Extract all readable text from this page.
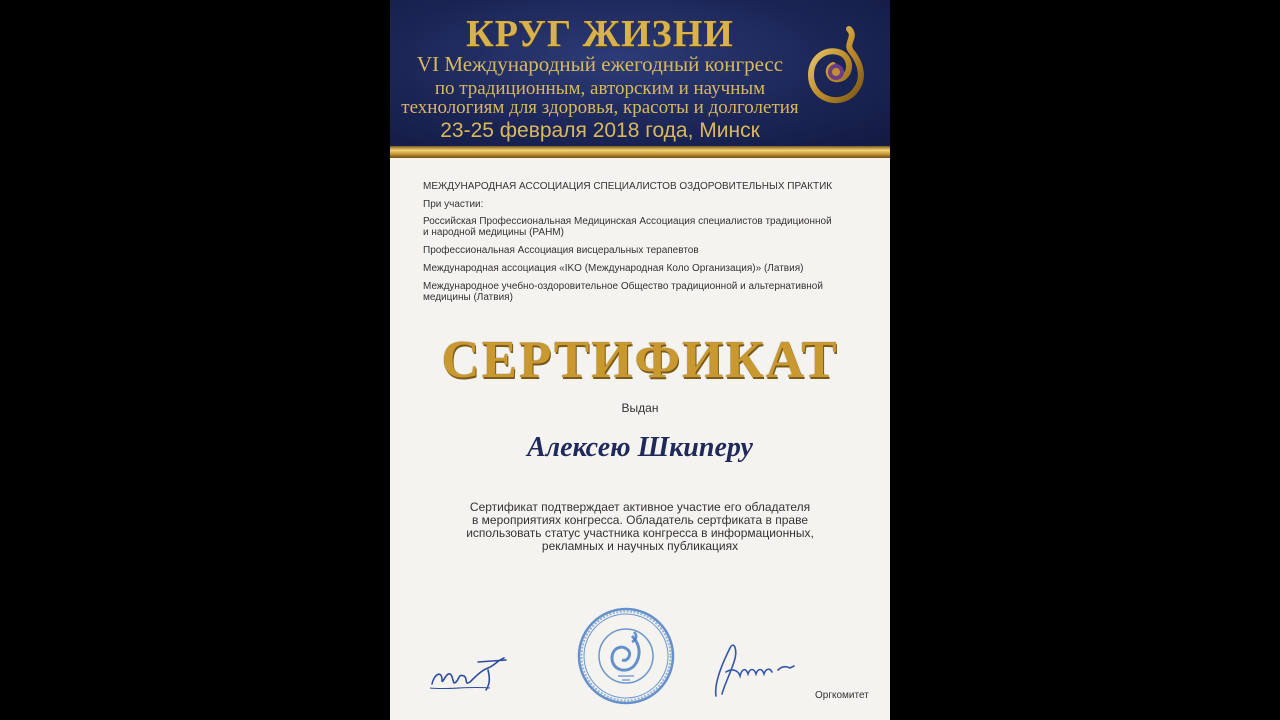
КРУГ ЖИЗНИ
VI Международный ежегодный конгресс
по традиционным, авторским и научным
технологиям для здоровья, красоты и долголетия
23-25 февраля 2018 года, Минск
МЕЖДУНАРОДНАЯ АССОЦИАЦИЯ СПЕЦИАЛИСТОВ ОЗДОРОВИТЕЛЬНЫХ ПРАКТИК
При участии:
Российская Профессиональная Медицинская Ассоциация специалистов традиционной
и народной медицины (РАНМ)
Профессиональная Ассоциация висцеральных терапевтов
Международная ассоциация «IKO (Международная Коло Организация)» (Латвия)
Международное учебно-оздоровительное Общество традиционной и альтернативной
медицины (Латвия)
СЕРТИФИКАТ
Выдан
Алексею Шкиперу
Сертификат подтверждает активное участие его обладателя
в мероприятиях конгресса. Обладатель сертфиката в праве
использовать статус участника конгресса в информационных,
рекламных и научных публикациях
Оргкомитет
